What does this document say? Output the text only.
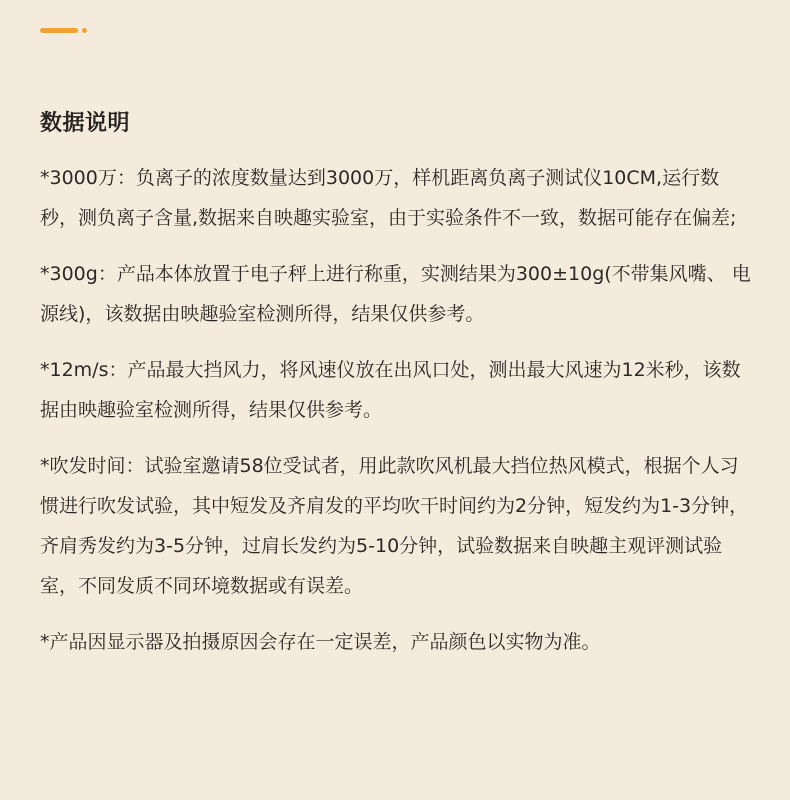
数据说明

*3000万：负离子的浓度数量达到3000万，样机距离负离子测试仪10CM,运行数秒，测负离子含量,数据来自映趣实验室，由于实验条件不一致，数据可能存在偏差;

*300g：产品本体放置于电子秤上进行称重，实测结果为300±10g(不带集风嘴、 电源线)，该数据由映趣验室检测所得，结果仅供参考。

*12m/s：产品最大挡风力，将风速仪放在出风口处，测出最大风速为12米秒，该数据由映趣验室检测所得，结果仅供参考。

*吹发时间：试验室邀请58位受试者，用此款吹风机最大挡位热风模式，根据个人习惯进行吹发试验，其中短发及齐肩发的平均吹干时间约为2分钟，短发约为1-3分钟，齐肩秀发约为3-5分钟，过肩长发约为5-10分钟，试验数据来自映趣主观评测试验室，不同发质不同环境数据或有误差。

*产品因显示器及拍摄原因会存在一定误差，产品颜色以实物为准。
